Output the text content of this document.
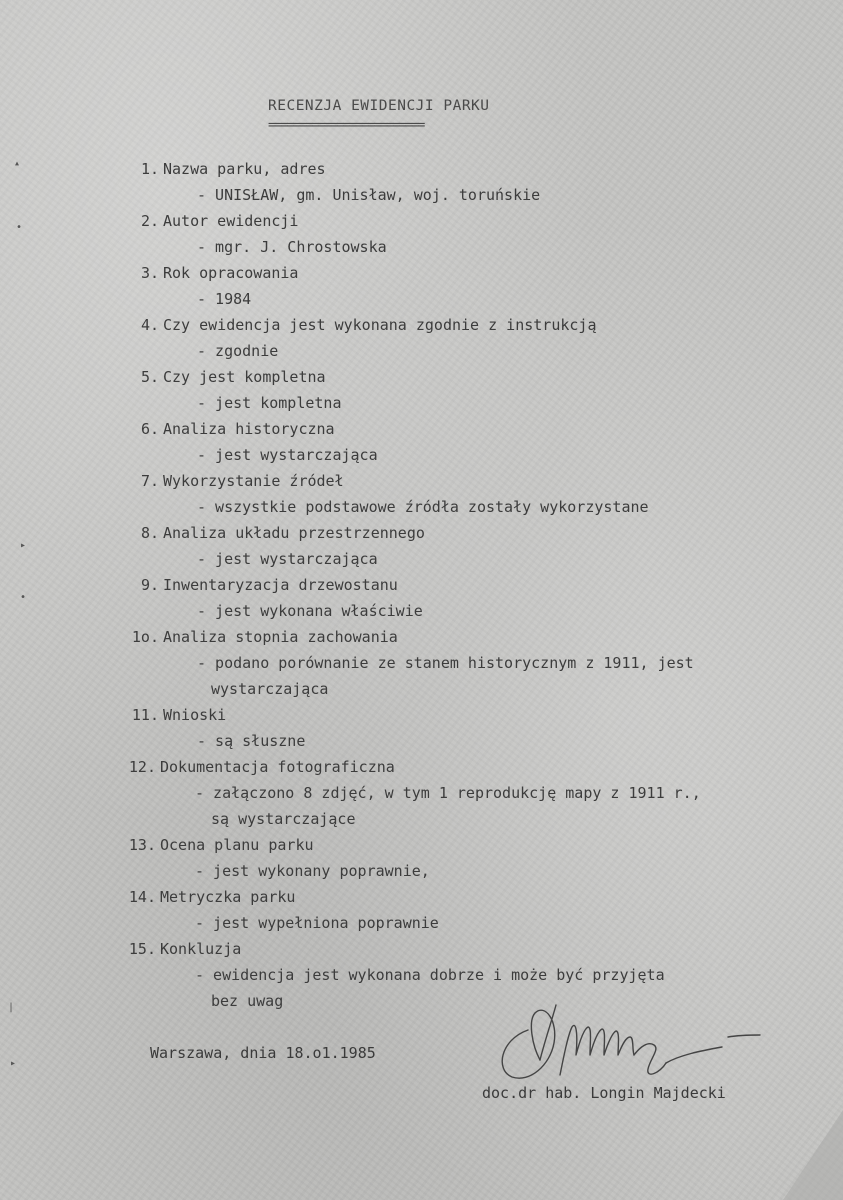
▴
•
▸
•
|
▸
RECENZJA EWIDENCJI PARKU
=========================
1. Nazwa parku, adres
- UNISŁAW, gm. Unisław, woj. toruńskie
2. Autor ewidencji
- mgr. J. Chrostowska
3. Rok opracowania
- 1984
4. Czy ewidencja jest wykonana zgodnie z instrukcją
- zgodnie
5. Czy jest kompletna
- jest kompletna
6. Analiza historyczna
- jest wystarczająca
7. Wykorzystanie źródeł
- wszystkie podstawowe źródła zostały wykorzystane
8. Analiza układu przestrzennego
- jest wystarczająca
9. Inwentaryzacja drzewostanu
- jest wykonana właściwie
1o. Analiza stopnia zachowania
- podano porównanie ze stanem historycznym z 1911, jest
wystarczająca
11. Wnioski
- są słuszne
12. Dokumentacja fotograficzna
- załączono 8 zdjęć, w tym 1 reprodukcję mapy z 1911 r.,
są wystarczające
13. Ocena planu parku
- jest wykonany poprawnie,
14. Metryczka parku
- jest wypełniona poprawnie
15. Konkluzja
- ewidencja jest wykonana dobrze i może być przyjęta
bez uwag
Warszawa, dnia 18.o1.1985
doc.dr hab. Longin Majdecki
